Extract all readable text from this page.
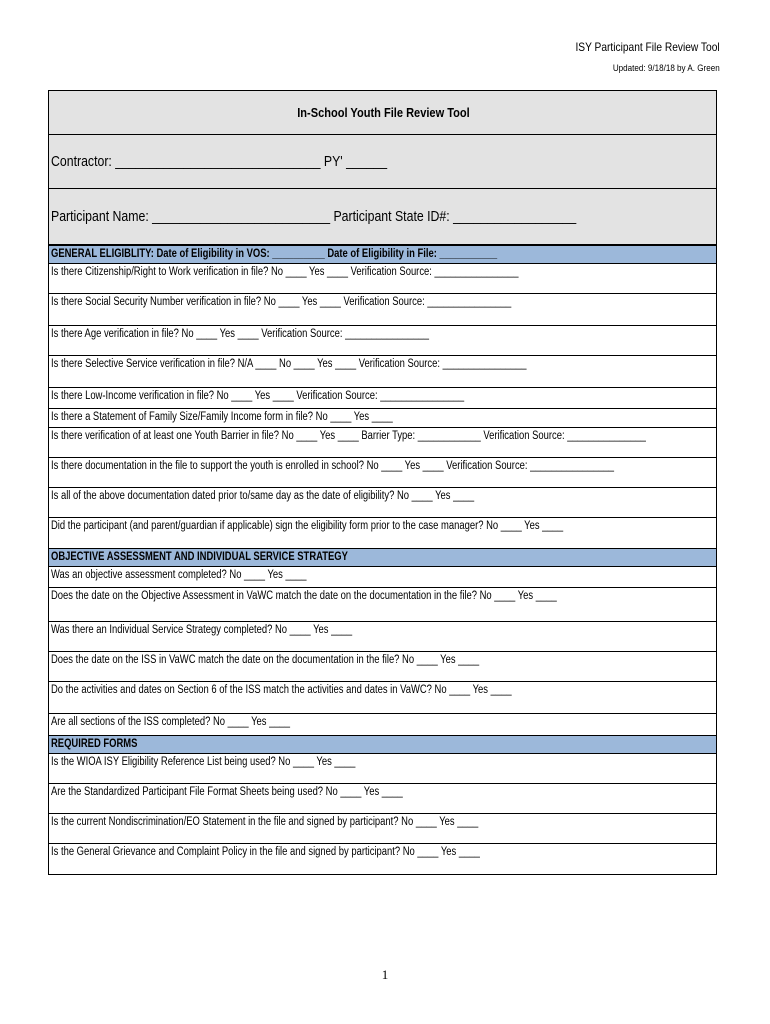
ISY Participant File Review Tool
Updated: 9/18/18 by A. Green
In-School Youth File Review Tool
Contractor: ______________________________ PY' ______
Participant Name: __________________________ Participant State ID#: __________________
GENERAL ELIGIBLITY: Date of Eligibility in VOS: __________ Date of Eligibility in File: ___________
Is there Citizenship/Right to Work verification in file? No ____ Yes ____ Verification Source: ________________
Is there Social Security Number verification in file? No ____ Yes ____ Verification Source: ________________
Is there Age verification in file? No ____ Yes ____ Verification Source: ________________
Is there Selective Service verification in file? N/A ____ No ____ Yes ____ Verification Source: ________________
Is there Low-Income verification in file? No ____ Yes ____ Verification Source: ________________
Is there a Statement of Family Size/Family Income form in file? No ____ Yes ____
Is there verification of at least one Youth Barrier in file? No ____ Yes ____ Barrier Type: ____________ Verification Source: _______________
Is there documentation in the file to support the youth is enrolled in school? No ____ Yes ____ Verification Source: ________________
Is all of the above documentation dated prior to/same day as the date of eligibility? No ____ Yes ____
Did the participant (and parent/guardian if applicable) sign the eligibility form prior to the case manager? No ____ Yes ____
OBJECTIVE ASSESSMENT AND INDIVIDUAL SERVICE STRATEGY
Was an objective assessment completed? No ____ Yes ____
Does the date on the Objective Assessment in VaWC match the date on the documentation in the file? No ____ Yes ____
Was there an Individual Service Strategy completed? No ____ Yes ____
Does the date on the ISS in VaWC match the date on the documentation in the file? No ____ Yes ____
Do the activities and dates on Section 6 of the ISS match the activities and dates in VaWC? No ____ Yes ____
Are all sections of the ISS completed? No ____ Yes ____
REQUIRED FORMS
Is the WIOA ISY Eligibility Reference List being used? No ____ Yes ____
Are the Standardized Participant File Format Sheets being used? No ____ Yes ____
Is the current Nondiscrimination/EO Statement in the file and signed by participant? No ____ Yes ____
Is the General Grievance and Complaint Policy in the file and signed by participant? No ____ Yes ____
1
